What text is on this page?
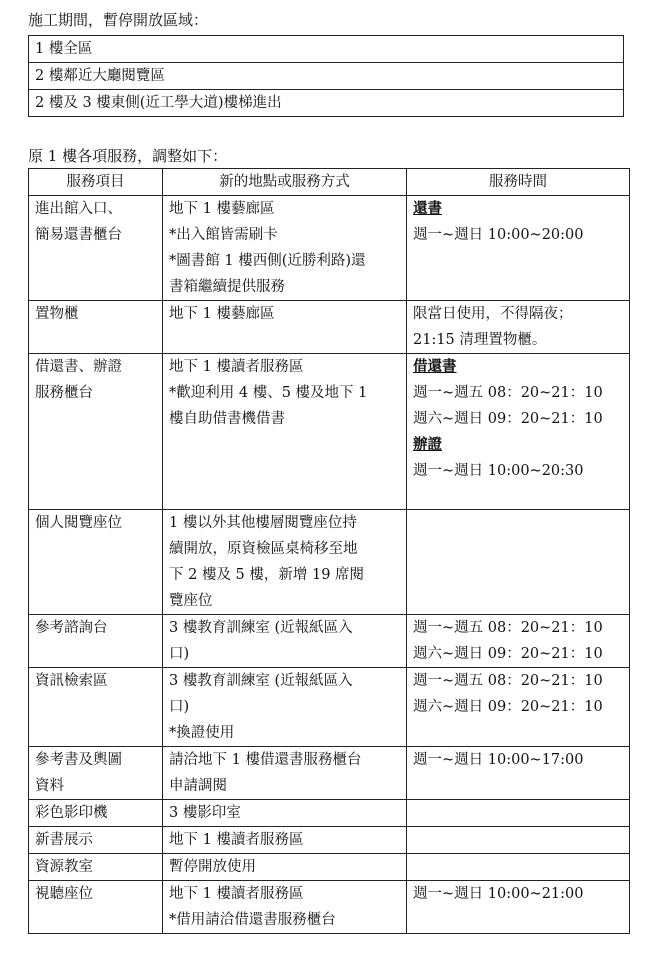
施工期間，暫停開放區域：

1 樓全區
2 樓鄰近大廳閱覽區
2 樓及 3 樓東側(近工學大道)樓梯進出

原 1 樓各項服務，調整如下：

服務項目	新的地點或服務方式	服務時間

進出館入口、
簡易還書櫃台	地下 1 樓藝廊區
*出入館皆需刷卡
*圖書館 1 樓西側(近勝利路)還
書箱繼續提供服務	還書
週一~週日 10:00~20:00

置物櫃	地下 1 樓藝廊區	限當日使用，不得隔夜；
21:15 清理置物櫃。

借還書、辦證
服務櫃台	地下 1 樓讀者服務區
*歡迎利用 4 樓、5 樓及地下 1
樓自助借書機借書	借還書
週一~週五 08：20~21：10
週六~週日 09：20~21：10
辦證
週一~週日 10:00~20:30

個人閱覽座位	1 樓以外其他樓層閱覽座位持
續開放，原資檢區桌椅移至地
下 2 樓及 5 樓，新增 19 席閱
覽座位	

參考諮詢台	3 樓教育訓練室 (近報紙區入
口)	週一~週五 08：20~21：10
週六~週日 09：20~21：10

資訊檢索區	3 樓教育訓練室 (近報紙區入
口)
*換證使用	週一~週五 08：20~21：10
週六~週日 09：20~21：10

參考書及輿圖
資料	請洽地下 1 樓借還書服務櫃台
申請調閱	週一~週日 10:00~17:00

彩色影印機	3 樓影印室	

新書展示	地下 1 樓讀者服務區	

資源教室	暫停開放使用	

視聽座位	地下 1 樓讀者服務區
*借用請洽借還書服務櫃台	週一~週日 10:00~21:00
